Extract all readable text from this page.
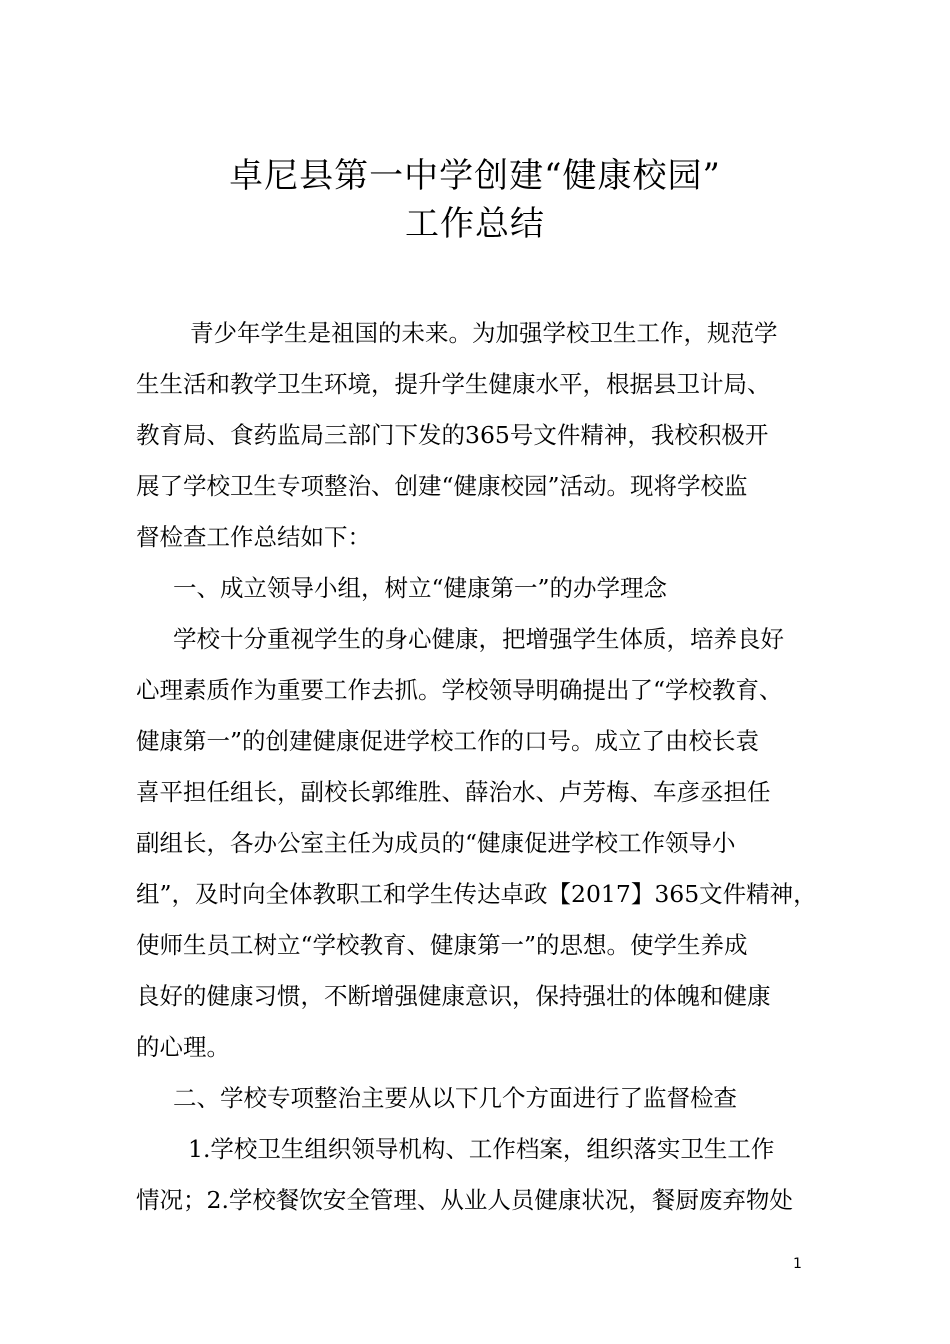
卓尼县第一中学创建“健康校园”
工作总结
青少年学生是祖国的未来。为加强学校卫生工作，规范学
生生活和教学卫生环境，提升学生健康水平，根据县卫计局、
教育局、食药监局三部门下发的365号文件精神，我校积极开
展了学校卫生专项整治、创建“健康校园”活动。现将学校监
督检查工作总结如下：
一、成立领导小组，树立“健康第一”的办学理念
学校十分重视学生的身心健康，把增强学生体质，培养良好
心理素质作为重要工作去抓。学校领导明确提出了“学校教育、
健康第一”的创建健康促进学校工作的口号。成立了由校长袁
喜平担任组长，副校长郭维胜、薛治水、卢芳梅、车彦丞担任
副组长，各办公室主任为成员的“健康促进学校工作领导小
组”，及时向全体教职工和学生传达卓政【2017】365文件精神，
使师生员工树立“学校教育、健康第一”的思想。使学生养成
良好的健康习惯，不断增强健康意识，保持强壮的体魄和健康
的心理。
二、学校专项整治主要从以下几个方面进行了监督检查
1.学校卫生组织领导机构、工作档案，组织落实卫生工作
情况；2.学校餐饮安全管理、从业人员健康状况，餐厨废弃物处
1
